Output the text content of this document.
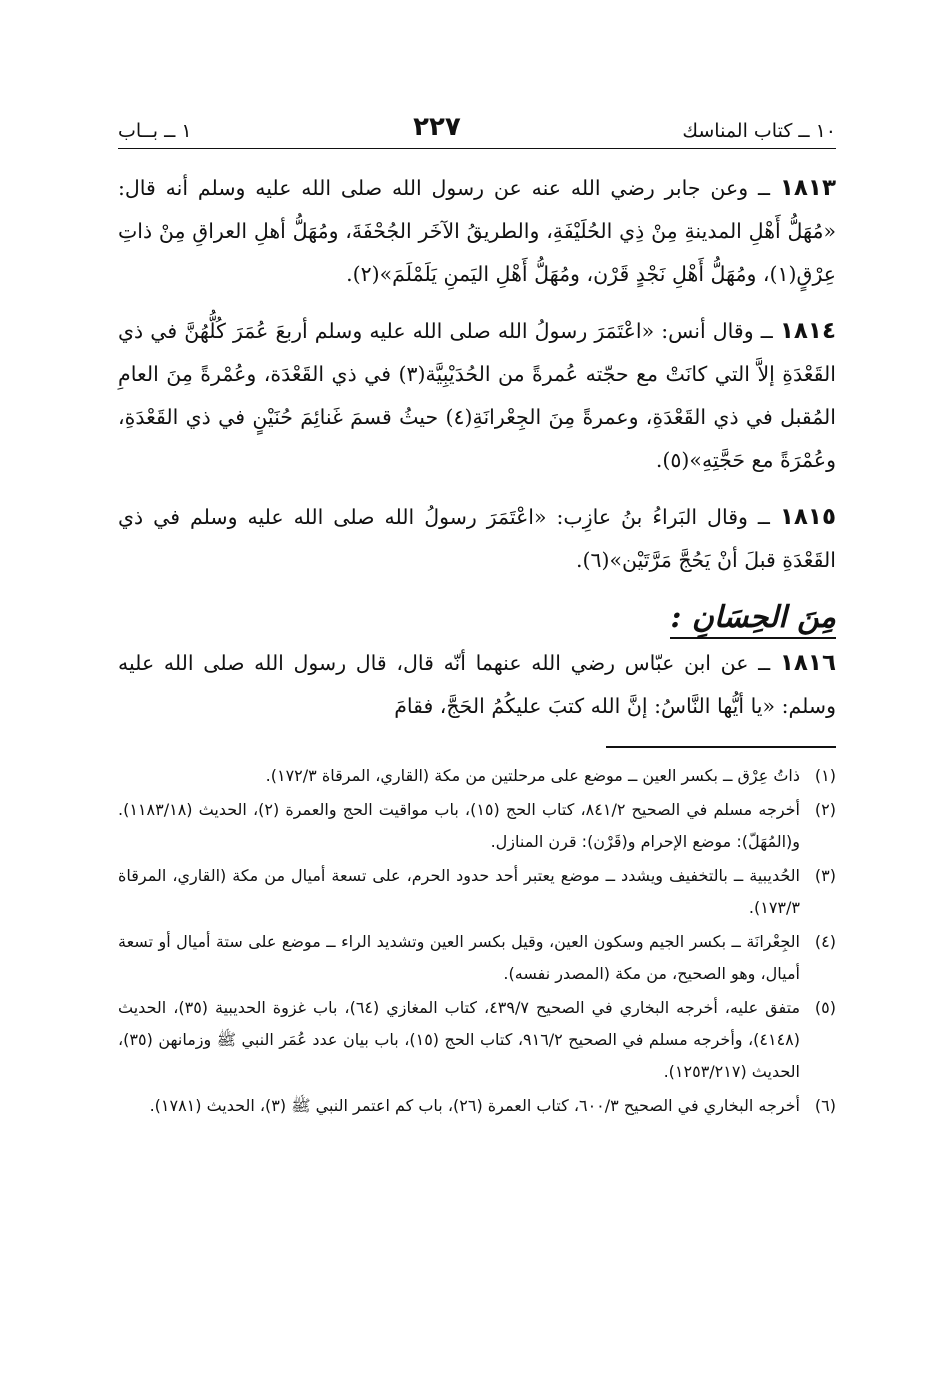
١٠ ــ كتاب المناسك
٢٢٧
١ ــ بــاب

١٨١٣ ــ وعن جابر رضي الله عنه عن رسول الله صلى الله عليه وسلم أنه قال: «مُهَلُّ أَهْلِ المدينةِ مِنْ ذِي الحُلَيْفَةِ، والطريقُ الآخَر الجُحْفَةَ، ومُهَلُّ أهلِ العراقِ مِنْ ذاتِ عِرْقٍ(١)، ومُهَلُّ أَهْلِ نَجْدٍ قَرْن، ومُهَلُّ أَهْلِ اليَمنِ يَلَمْلَمَ»(٢).

١٨١٤ ــ وقال أنس: «اعْتَمَرَ رسولُ الله صلى الله عليه وسلم أربعَ عُمَرَ كُلُّهُنَّ في ذي القَعْدَةِ إلاَّ التي كانَتْ مع حجّته عُمرةً من الحُدَيْبِيَّة(٣) في ذي القَعْدَة، وعُمْرةً مِنَ العامِ المُقبل في ذي القَعْدَةِ، وعمرةً مِنَ الجِعْرانَةِ(٤) حيثُ قسمَ غَنائِمَ حُنَيْنٍ في ذي القَعْدَةِ، وعُمْرَةً مع حَجَّتِهِ»(٥).

١٨١٥ ــ وقال البَراءُ بنُ عازِب: «اعْتَمَرَ رسولُ الله صلى الله عليه وسلم في ذي القَعْدَةِ قبلَ أنْ يَحُجَّ مَرَّتَيْن»(٦).

مِنَ الحِسَانِ :

١٨١٦ ــ عن ابن عبّاس رضي الله عنهما أنّه قال، قال رسول الله صلى الله عليه وسلم: «يا أيُّها النَّاسُ: إنَّ الله كتبَ عليكُمُ الحَجَّ، فقامَ

(١)
ذاتُ عِرْق ــ بكسر العين ــ موضع على مرحلتين من مكة (القاري، المرقاة ١٧٢/٣).
(٢)
أخرجه مسلم في الصحيح ٨٤١/٢، كتاب الحج (١٥)، باب مواقيت الحج والعمرة (٢)، الحديث (١١٨٣/١٨). و(المُهَلّ): موضع الإحرام و(قَرْن): قرن المنازل.
(٣)
الحُديبية ــ بالتخفيف ويشدد ــ موضع يعتبر أحد حدود الحرم، على تسعة أميال من مكة (القاري، المرقاة ١٧٣/٣).
(٤)
الجِعْرانَة ــ بكسر الجيم وسكون العين، وقيل بكسر العين وتشديد الراء ــ موضع على ستة أميال أو تسعة أميال، وهو الصحيح، من مكة (المصدر نفسه).
(٥)
متفق عليه، أخرجه البخاري في الصحيح ٤٣٩/٧، كتاب المغازي (٦٤)، باب غزوة الحديبية (٣٥)، الحديث (٤١٤٨)، وأخرجه مسلم في الصحيح ٩١٦/٢، كتاب الحج (١٥)، باب بيان عدد عُمَر النبي ﷺ وزمانهن (٣٥)، الحديث (١٢٥٣/٢١٧).
(٦)
أخرجه البخاري في الصحيح ٦٠٠/٣، كتاب العمرة (٢٦)، باب كم اعتمر النبي ﷺ (٣)، الحديث (١٧٨١).
